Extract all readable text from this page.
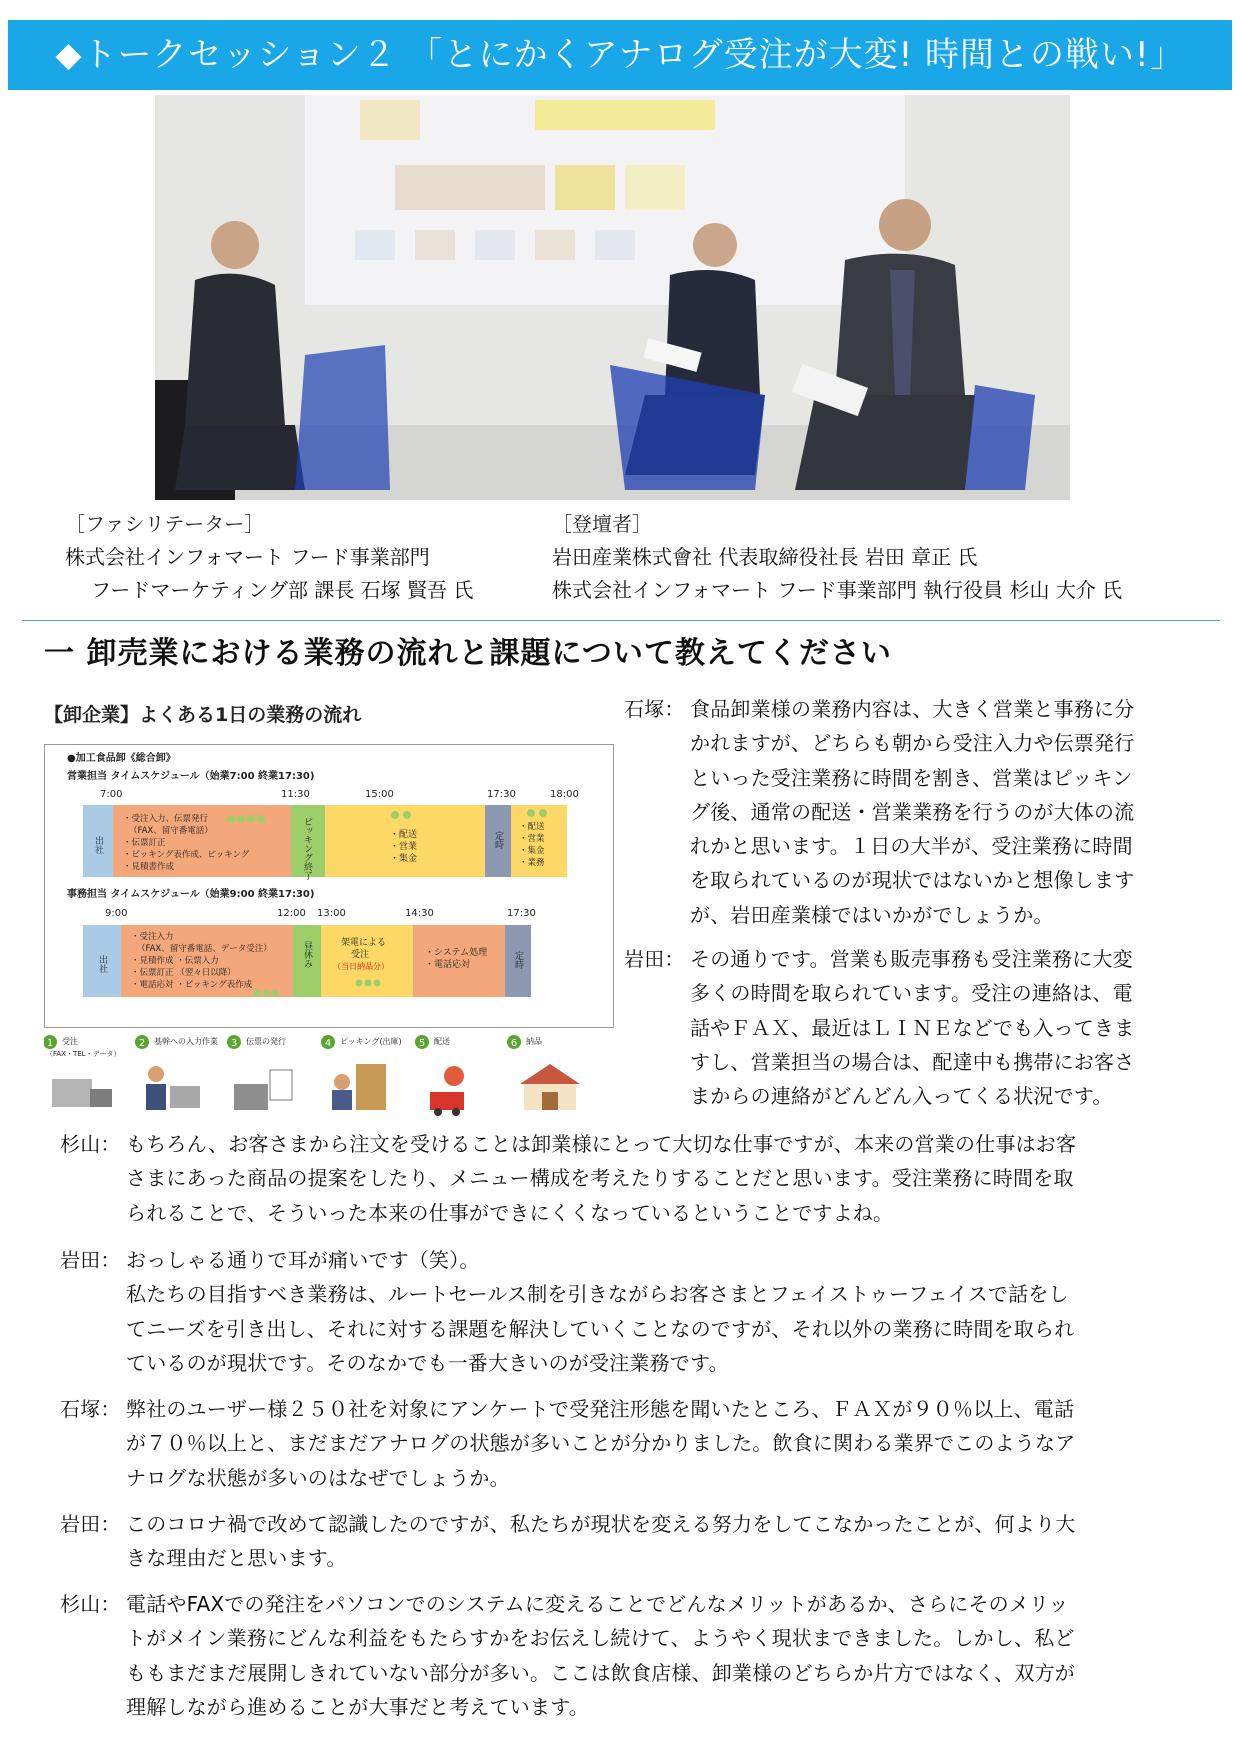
◆トークセッション２ 「とにかくアナログ受注が大変! 時間との戦い!」
［ファシリテーター］
株式会社インフォマート フード事業部門
フードマーケティング部 課長 石塚 賢吾 氏
［登壇者］
岩田産業株式會社 代表取締役社長 岩田 章正 氏
株式会社インフォマート フード事業部門 執行役員 杉山 大介 氏
一 卸売業における業務の流れと課題について教えてください
【卸企業】よくある1日の業務の流れ
●加工食品卸《総合卸》
営業担当 タイムスケジュール（始業7:00 終業17:30)
7:00	11:30	15:00	17:30	18:00
出社
・受注入力、伝票発行
（FAX、留守番電話）
・伝票訂正
・ピッキング表作成、ピッキング
・見積書作成	ピッキング終了	・配送
・営業
・集金
定時
・配送
・営業
・集金
・業務
事務担当 タイムスケジュール（始業9:00 終業17:30)
9:00	12:00 13:00	14:30	17:30
出社
・受注入力
（FAX、留守番電話、データ受注）
・見積作成 ・伝票入力
・伝票訂正 （翌々日以降）
・電話応対 ・ピッキング表作成
昼休み	架電による
受注
（当日納品分）
・システム処理
・電話応対	定時
1 受注
（FAX・TEL・データ）
2 基幹への入力作業 3 伝票の発行	4 ピッキング(出庫) 5 配送	6 納品
石塚： 食品卸業様の業務内容は、大きく営業と事務に分
かれますが、どちらも朝から受注入力や伝票発行
といった受注業務に時間を割き、営業はピッキン
グ後、通常の配送・営業業務を行うのが大体の流
れかと思います。１日の大半が、受注業務に時間
を取られているのが現状ではないかと想像します
が、岩田産業様ではいかがでしょうか。
岩田： その通りです。営業も販売事務も受注業務に大変
多くの時間を取られています。受注の連絡は、電
話やＦＡＸ、最近はＬＩＮＥなどでも入ってきま
すし、営業担当の場合は、配達中も携帯にお客さ
まからの連絡がどんどん入ってくる状況です。
杉山： もちろん、お客さまから注文を受けることは卸業様にとって大切な仕事ですが、本来の営業の仕事はお客
さまにあった商品の提案をしたり、メニュー構成を考えたりすることだと思います。受注業務に時間を取
られることで、そういった本来の仕事ができにくくなっているということですよね。
岩田： おっしゃる通りで耳が痛いです（笑）。
私たちの目指すべき業務は、ルートセールス制を引きながらお客さまとフェイストゥーフェイスで話をし
てニーズを引き出し、それに対する課題を解決していくことなのですが、それ以外の業務に時間を取られ
ているのが現状です。そのなかでも一番大きいのが受注業務です。
石塚： 弊社のユーザー様２５０社を対象にアンケートで受発注形態を聞いたところ、ＦＡＸが９０％以上、電話
が７０％以上と、まだまだアナログの状態が多いことが分かりました。飲食に関わる業界でこのようなア
ナログな状態が多いのはなぜでしょうか。
岩田： このコロナ禍で改めて認識したのですが、私たちが現状を変える努力をしてこなかったことが、何より大
きな理由だと思います。
杉山： 電話やFAXでの発注をパソコンでのシステムに変えることでどんなメリットがあるか、さらにそのメリッ
トがメイン業務にどんな利益をもたらすかをお伝えし続けて、ようやく現状まできました。しかし、私ど
ももまだまだ展開しきれていない部分が多い。ここは飲食店様、卸業様のどちらか片方ではなく、双方が
理解しながら進めることが大事だと考えています。
